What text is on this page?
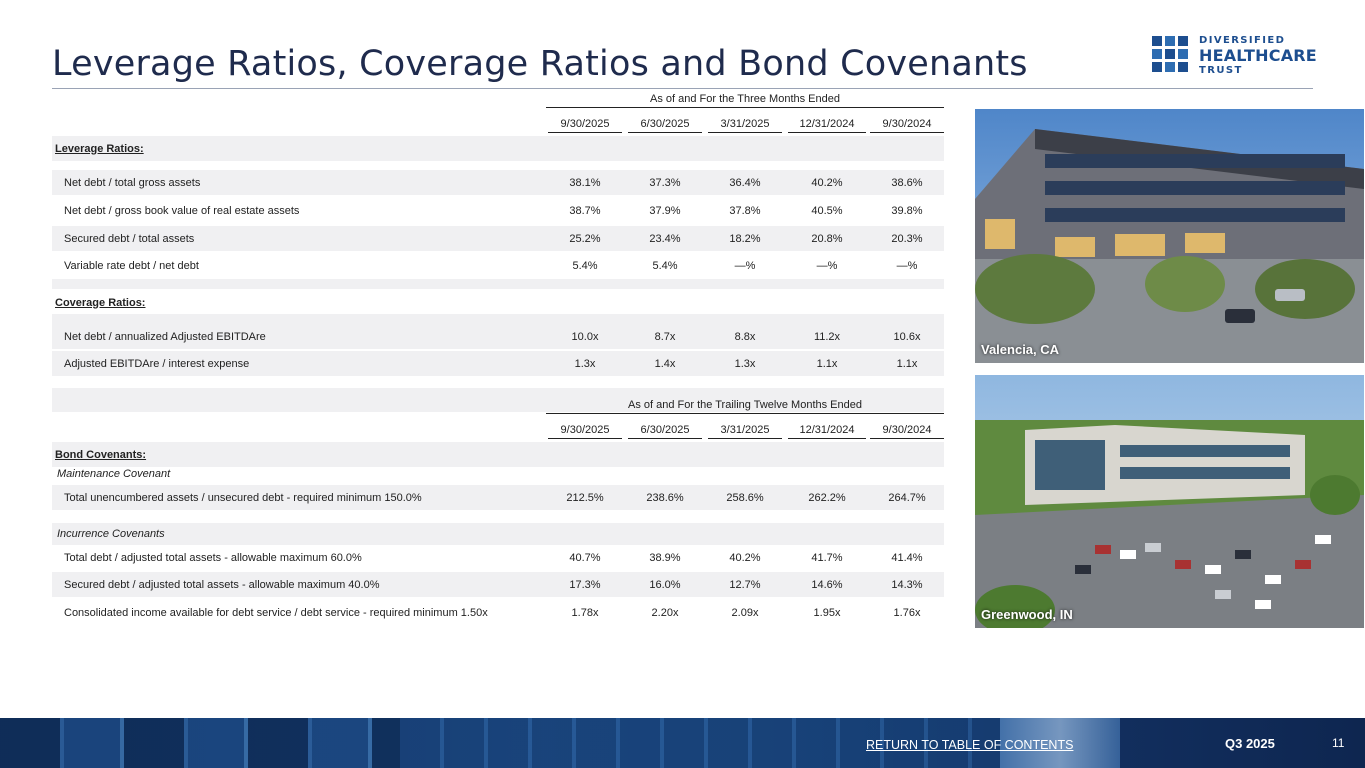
Leverage Ratios, Coverage Ratios and Bond Covenants
DIVERSIFIED
HEALTHCARE
TRUST
As of and For the Three Months Ended
9/30/2025	6/30/2025	3/31/2025	12/31/2024	9/30/2024
Leverage Ratios:
Net debt / total gross assets	38.1%	37.3%	36.4%	40.2%	38.6%
Net debt / gross book value of real estate assets	38.7%	37.9%	37.8%	40.5%	39.8%
Secured debt / total assets	25.2%	23.4%	18.2%	20.8%	20.3%
Variable rate debt / net debt	5.4%	5.4%	—%	—%	—%
Coverage Ratios:
Net debt / annualized Adjusted EBITDAre	10.0x	8.7x	8.8x	11.2x	10.6x
Adjusted EBITDAre / interest expense	1.3x	1.4x	1.3x	1.1x	1.1x
As of and For the Trailing Twelve Months Ended
9/30/2025	6/30/2025	3/31/2025	12/31/2024	9/30/2024
Bond Covenants:
Maintenance Covenant
Total unencumbered assets / unsecured debt - required minimum 150.0%	212.5%	238.6%	258.6%	262.2%	264.7%
Incurrence Covenants
Total debt / adjusted total assets - allowable maximum 60.0%	40.7%	38.9%	40.2%	41.7%	41.4%
Secured debt / adjusted total assets - allowable maximum 40.0%	17.3%	16.0%	12.7%	14.6%	14.3%
Consolidated income available for debt service / debt service - required minimum 1.50x	1.78x	2.20x	2.09x	1.95x	1.76x
Valencia, CA
Greenwood, IN
RETURN TO TABLE OF CONTENTS	Q3 2025	11
